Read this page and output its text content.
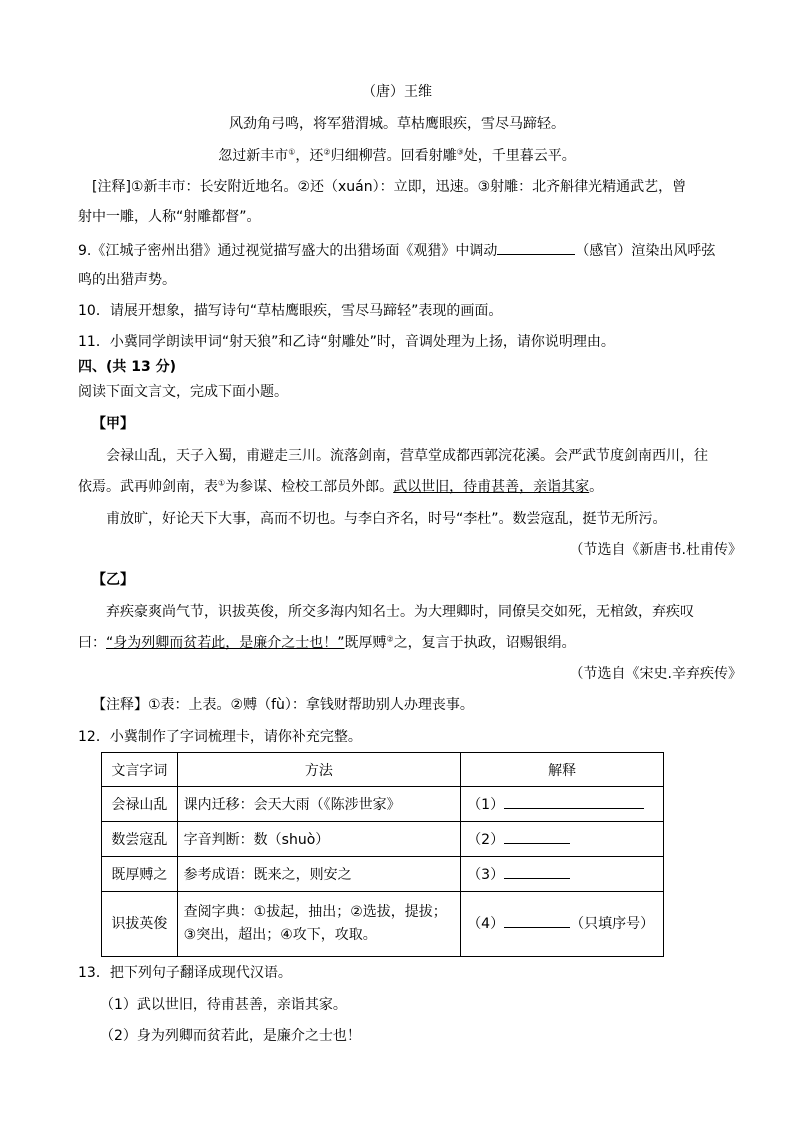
（唐）王维
风劲角弓鸣，将军猎渭城。草枯鹰眼疾，雪尽马蹄轻。
忽过新丰市①，还②归细柳营。回看射雕③处，千里暮云平。
[注释]①新丰市：长安附近地名。②还（xuán）：立即，迅速。③射雕：北齐斛律光精通武艺，曾
射中一雕，人称“射雕都督”。
9.《江城子密州出猎》通过视觉描写盛大的出猎场面《观猎》中调动	（感官）渲染出风呼弦
鸣的出猎声势。
10．请展开想象，描写诗句“草枯鹰眼疾，雪尽马蹄轻”表现的画面。
11．小冀同学朗读甲词“射天狼”和乙诗“射雕处”时，音调处理为上扬，请你说明理由。
四、(共 13 分)
阅读下面文言文，完成下面小题。
【甲】
会禄山乱，天子入蜀，甫避走三川。流落剑南，营草堂成都西郭浣花溪。会严武节度剑南西川，往
依焉。武再帅剑南，表①为参谋、检校工部员外郎。武以世旧，待甫甚善，亲诣其家。
甫放旷，好论天下大事，高而不切也。与李白齐名，时号“李杜”。数尝寇乱，挺节无所污。
（节选自《新唐书.杜甫传》
【乙】
弃疾豪爽尚气节，识拔英俊，所交多海内知名士。为大理卿时，同僚吴交如死，无棺敛，弃疾叹
曰：“身为列卿而贫若此，是廉介之士也！”既厚赙②之，复言于执政，诏赐银绢。
（节选自《宋史.辛弃疾传》
【注释】①表：上表。②赙（fù）：拿钱财帮助别人办理丧事。
12．小冀制作了字词梳理卡，请你补充完整。
文言字词	方法	解释
会禄山乱	课内迁移：会天大雨（《陈涉世家》	（1）
数尝寇乱	字音判断：数（shuò）	（2）
既厚赙之	参考成语：既来之，则安之	（3）
识拔英俊	查阅字典：①拔起，抽出；②选拔，提拔；
③突出，超出；④攻下，攻取。	（4） （只填序号）
13．把下列句子翻译成现代汉语。
（1）武以世旧，待甫甚善，亲诣其家。
（2）身为列卿而贫若此，是廉介之士也！
